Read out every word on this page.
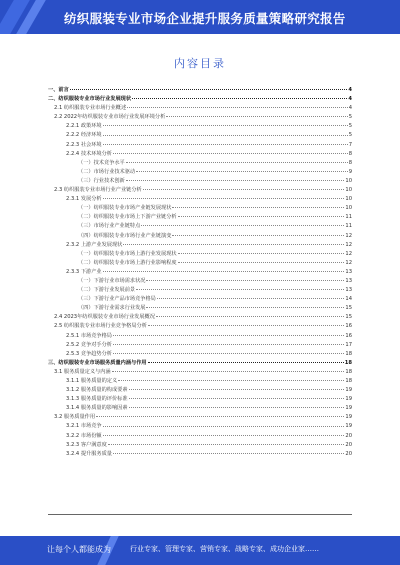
纺织服装专业市场企业提升服务质量策略研究报告
内容目录
一、前言	4
二、纺织服装专业市场行业发展现状	4
2.1 纺织服装专业市场行业概述	4
2.2 2022年纺织服装专业市场行业发展环境分析	5
2.2.1 政策环境	5
2.2.2 经济环境	5
2.2.3 社会环境	7
2.2.4 技术环境分析	8
（一）技术竞争水平	8
（二）市场行业技术驱动	9
（三）行业技术创新	10
2.3 纺织服装专业市场行业产业链分析	10
2.3.1 发展分析	10
（一）纺织服装专业市场产业链发展现状	10
（二）纺织服装专业市场上下游产业链分析	11
（三）市场行业产业链特点	11
（四）纺织服装专业市场行业产业链演变	12
2.3.2 上游产业发展现状	12
（一）纺织服装专业市场上游行业发展现状	12
（二）纺织服装专业市场上游行业影响程度	12
2.3.3 下游产业	13
（一）下游行业市场需求状况	13
（二）下游行业发展前景	13
（三）下游行业产品市场竞争格局	14
（四）下游行业需求行业发展	15
2.4 2023年纺织服装专业市场行业发展概况	15
2.5 纺织服装专业市场行业竞争格局分析	16
2.5.1 市场竞争格局	16
2.5.2 竞争对手分析	17
2.5.3 竞争趋势分析	18
三、纺织服装专业市场服务质量内涵与作用	18
3.1 服务质量定义与内涵	18
3.1.1 服务质量的定义	18
3.1.2 服务质量的构成要素	19
3.1.3 服务质量的评价标准	19
3.1.4 服务质量的影响因素	19
3.2 服务质量作用	19
3.2.1 市场竞争	19
3.2.2 市场份额	20
3.2.3 客户满意度	20
3.2.4 提升服务质量	20
让每个人都能成为	行业专家、管理专家、营销专家、战略专家、成功企业家……
